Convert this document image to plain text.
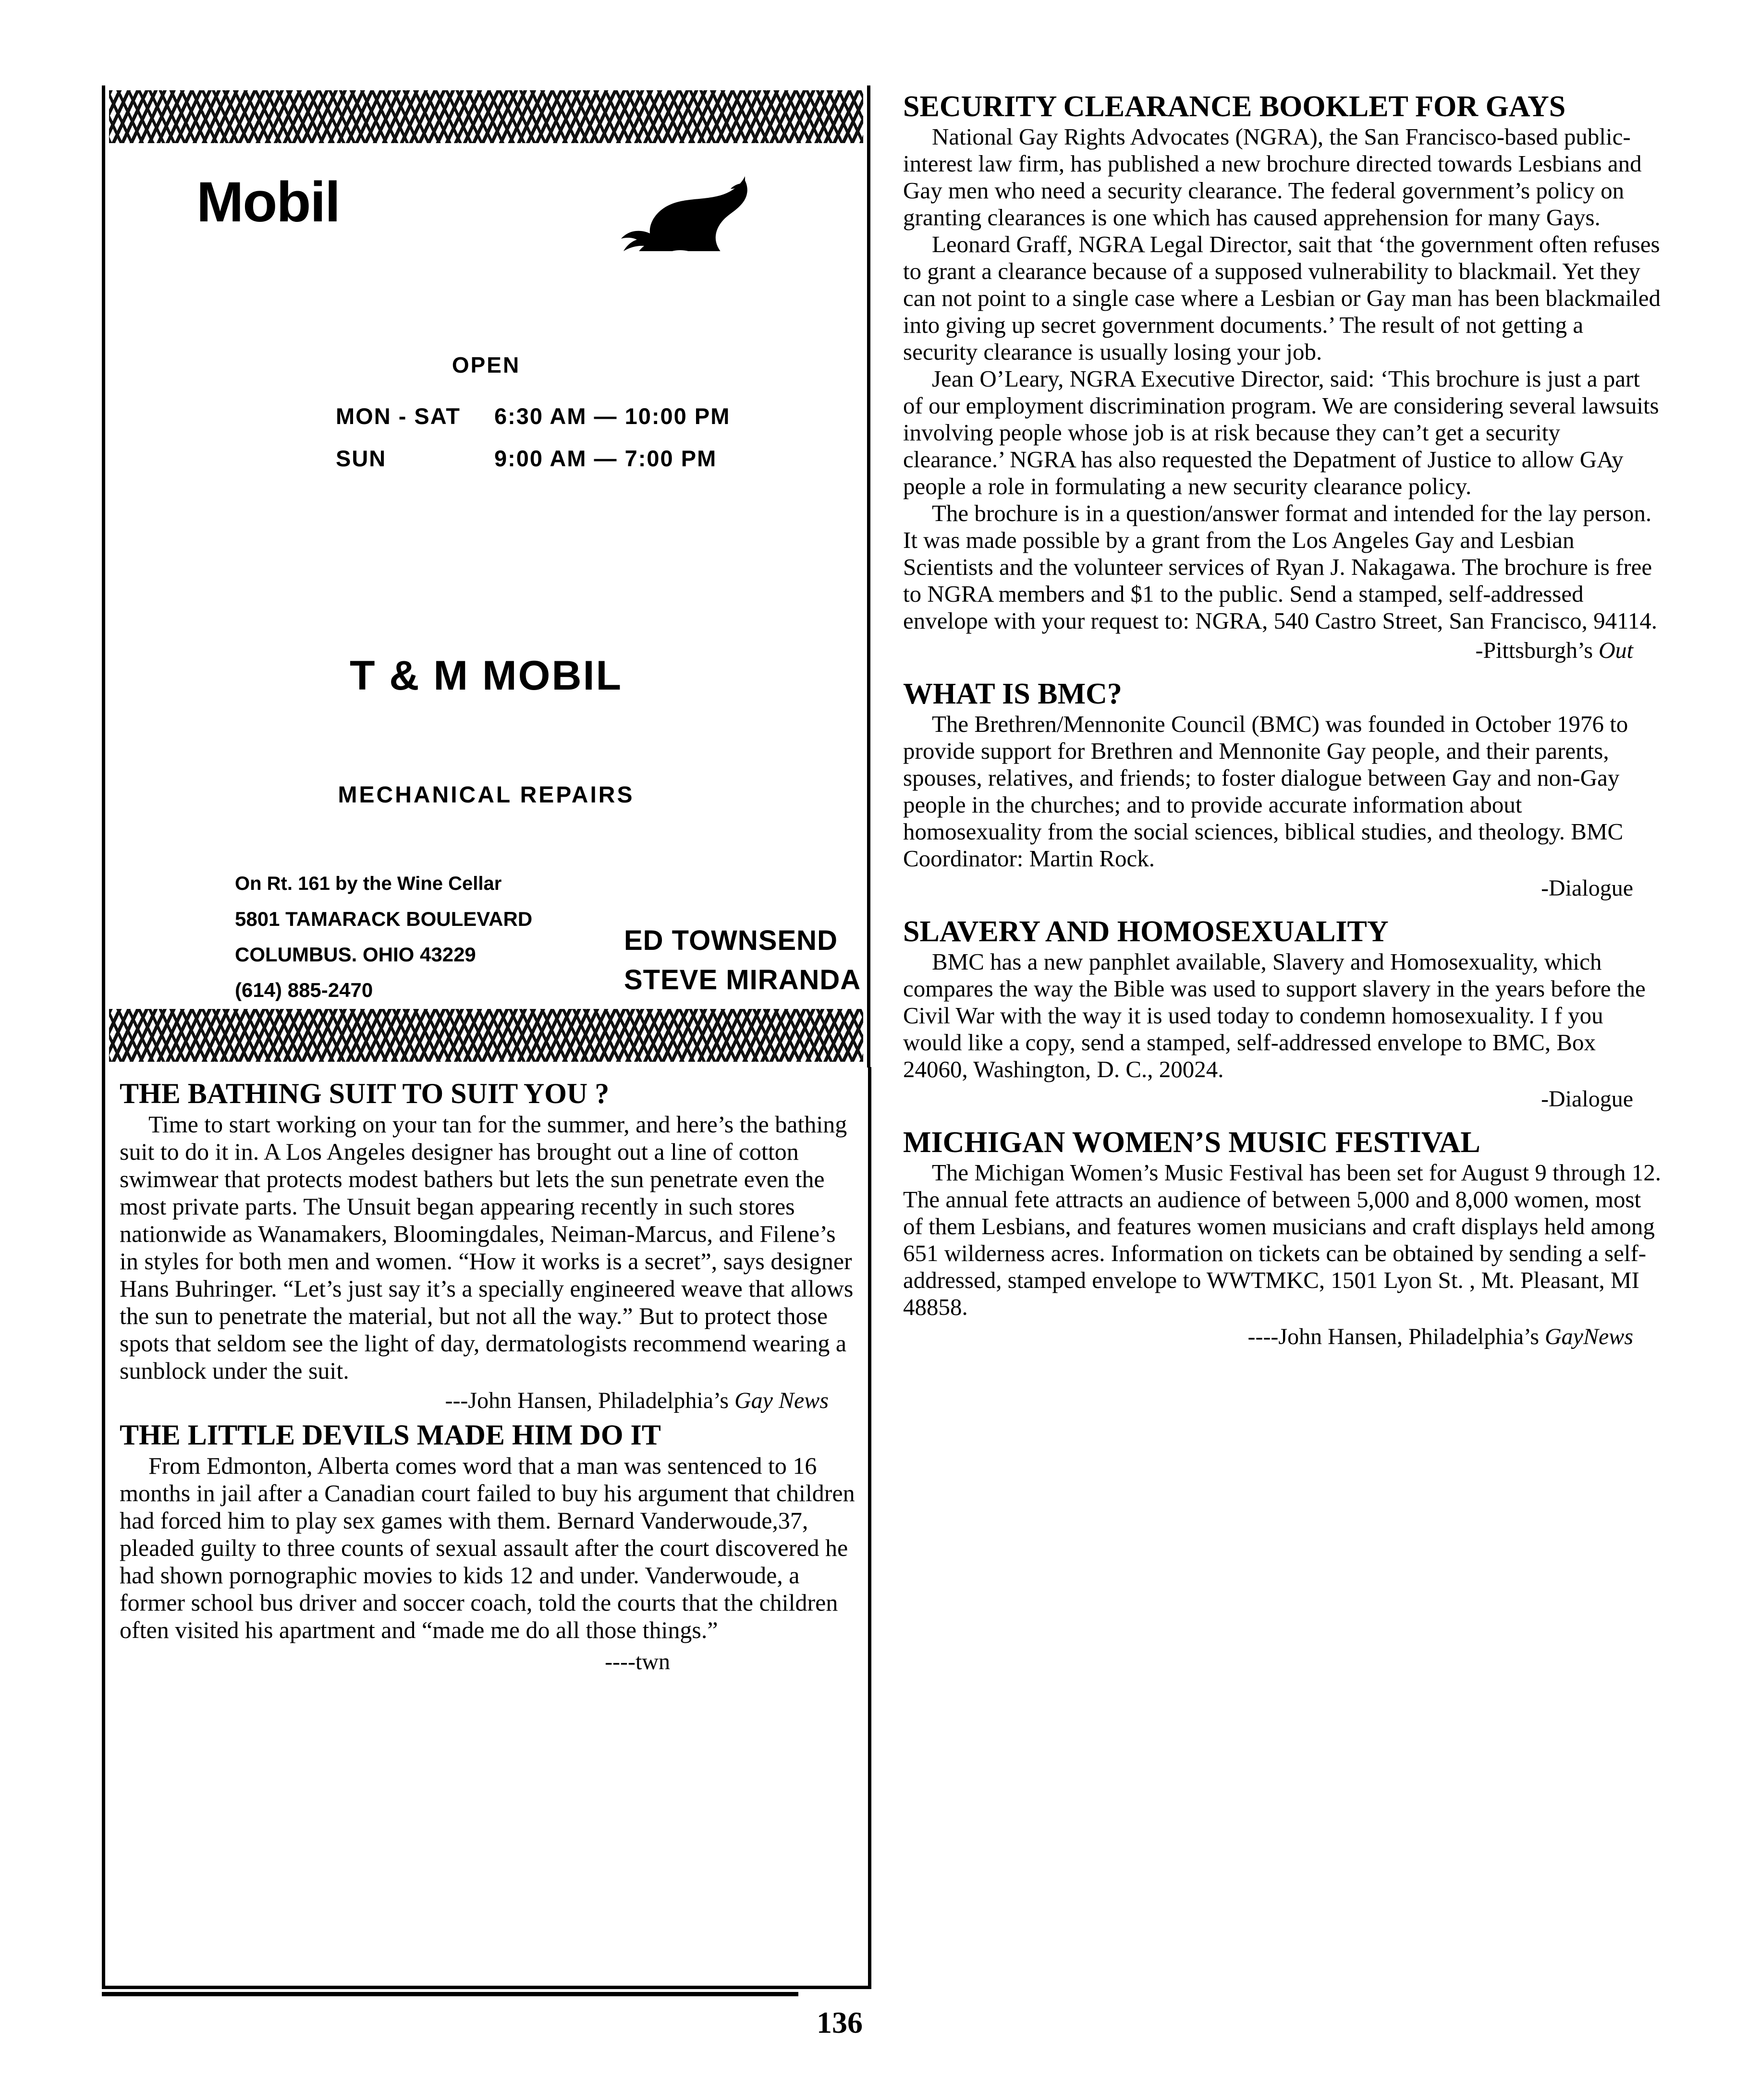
Mobil
OPEN
MON - SAT 6:30 AM — 10:00 PM
SUN	9:00 AM — 7:00 PM
T & M MOBIL
MECHANICAL REPAIRS
On Rt. 161 by the Wine Cellar
5801 TAMARACK BOULEVARD
COLUMBUS. OHIO 43229
(614) 885-2470
ED TOWNSEND
STEVE MIRANDA
THE BATHING SUIT TO SUIT YOU ?

Time to start working on your tan for the summer, and here’s the bathing suit to do it in. A Los Angeles designer has brought out a line of cotton swimwear that protects modest bathers but lets the sun penetrate even the most private parts. The Unsuit began appearing recently in such stores nationwide as Wanamakers, Bloomingdales, Neiman-Marcus, and Filene’s in styles for both men and women. “How it works is a secret”, says designer Hans Buhringer. “Let’s just say it’s a specially engineered weave that allows the sun to penetrate the material, but not all the way.” But to protect those spots that seldom see the light of day, dermatologists recommend wearing a sunblock under the suit.

---John Hansen, Philadelphia’s Gay News
THE LITTLE DEVILS MADE HIM DO IT

From Edmonton, Alberta comes word that a man was sentenced to 16 months in jail after a Canadian court failed to buy his argument that children had forced him to play sex games with them. Bernard Vanderwoude,37, pleaded guilty to three counts of sexual assault after the court discovered he had shown pornographic movies to kids 12 and under. Vanderwoude, a former school bus driver and soccer coach, told the courts that the children often visited his apartment and “made me do all those things.”

----twn
SECURITY CLEARANCE BOOKLET FOR GAYS

National Gay Rights Advocates (NGRA), the San Francisco-based public-interest law firm, has published a new brochure directed towards Lesbians and Gay men who need a security clearance. The federal government’s policy on granting clearances is one which has caused apprehension for many Gays.

Leonard Graff, NGRA Legal Director, sait that ‘the government often refuses to grant a clearance because of a supposed vulnerability to blackmail. Yet they can not point to a single case where a Lesbian or Gay man has been blackmailed into giving up secret government documents.’ The result of not getting a security clearance is usually losing your job.

Jean O’Leary, NGRA Executive Director, said: ‘This brochure is just a part of our employment discrimination program. We are considering several lawsuits involving people whose job is at risk because they can’t get a security clearance.’ NGRA has also requested the Depatment of Justice to allow GAy people a role in formulating a new security clearance policy.

The brochure is in a question/answer format and intended for the lay person. It was made possible by a grant from the Los Angeles Gay and Lesbian Scientists and the volunteer services of Ryan J. Nakagawa. The brochure is free to NGRA members and $1 to the public. Send a stamped, self-addressed envelope with your request to: NGRA, 540 Castro Street, San Francisco, 94114.

-Pittsburgh’s Out
WHAT IS BMC?

The Brethren/Mennonite Council (BMC) was founded in October 1976 to provide support for Brethren and Mennonite Gay people, and their parents, spouses, relatives, and friends; to foster dialogue between Gay and non-Gay people in the churches; and to provide accurate information about homosexuality from the social sciences, biblical studies, and theology. BMC Coordinator: Martin Rock.

-Dialogue
SLAVERY AND HOMOSEXUALITY

BMC has a new panphlet available, Slavery and Homosexuality, which compares the way the Bible was used to support slavery in the years before the Civil War with the way it is used today to condemn homosexuality. I f you would like a copy, send a stamped, self-addressed envelope to BMC, Box 24060, Washington, D. C., 20024.

-Dialogue
MICHIGAN WOMEN’S MUSIC FESTIVAL

The Michigan Women’s Music Festival has been set for August 9 through 12. The annual fete attracts an audience of between 5,000 and 8,000 women, most of them Lesbians, and features women musicians and craft displays held among 651 wilderness acres. Information on tickets can be obtained by sending a self-addressed, stamped envelope to WWTMKC, 1501 Lyon St. , Mt. Pleasant, MI 48858.

----John Hansen, Philadelphia’s GayNews
136
